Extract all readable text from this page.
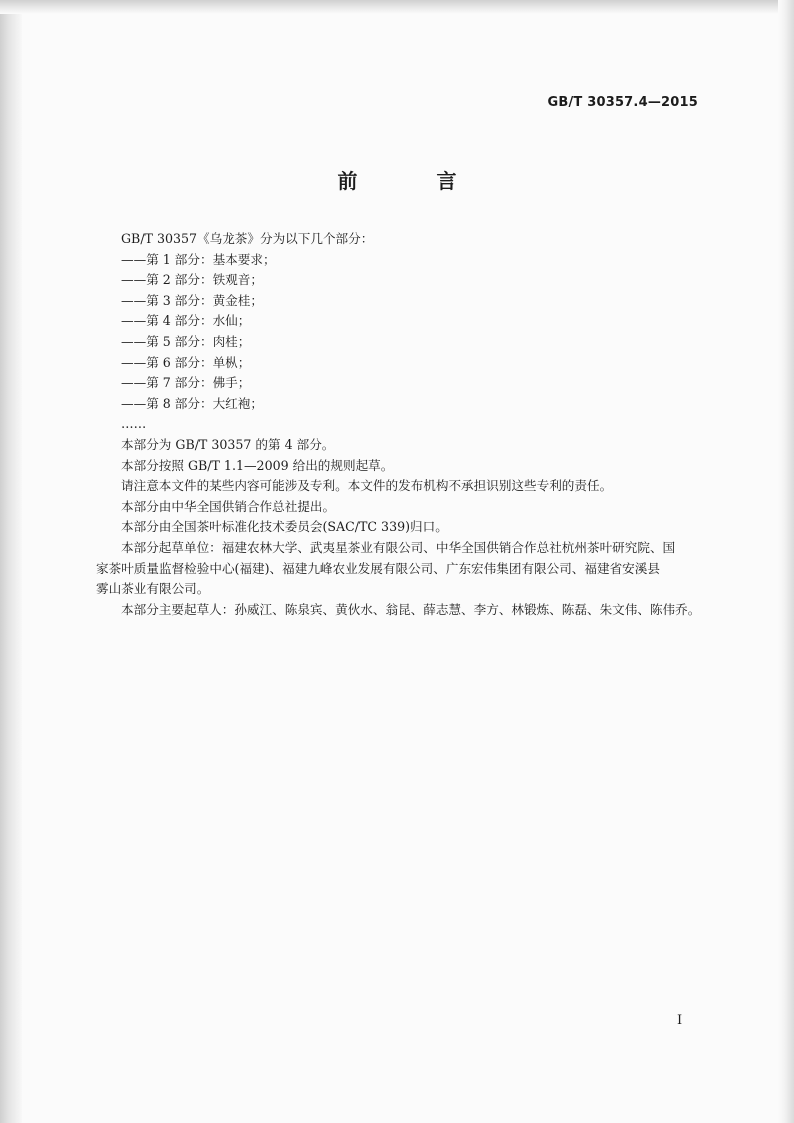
GB/T 30357.4—2015
前 言
GB/T 30357《乌龙茶》分为以下几个部分：
——第 1 部分：基本要求；
——第 2 部分：铁观音；
——第 3 部分：黄金桂；
——第 4 部分：水仙；
——第 5 部分：肉桂；
——第 6 部分：单枞；
——第 7 部分：佛手；
——第 8 部分：大红袍；
……
本部分为 GB/T 30357 的第 4 部分。
本部分按照 GB/T 1.1—2009 给出的规则起草。
请注意本文件的某些内容可能涉及专利。本文件的发布机构不承担识别这些专利的责任。
本部分由中华全国供销合作总社提出。
本部分由全国茶叶标准化技术委员会(SAC/TC 339)归口。
本部分起草单位：福建农林大学、武夷星茶业有限公司、中华全国供销合作总社杭州茶叶研究院、国
家茶叶质量监督检验中心(福建)、福建九峰农业发展有限公司、广东宏伟集团有限公司、福建省安溪县
雾山茶业有限公司。
本部分主要起草人：孙威江、陈泉宾、黄伙水、翁昆、薛志慧、李方、林锻炼、陈磊、朱文伟、陈伟乔。
I
